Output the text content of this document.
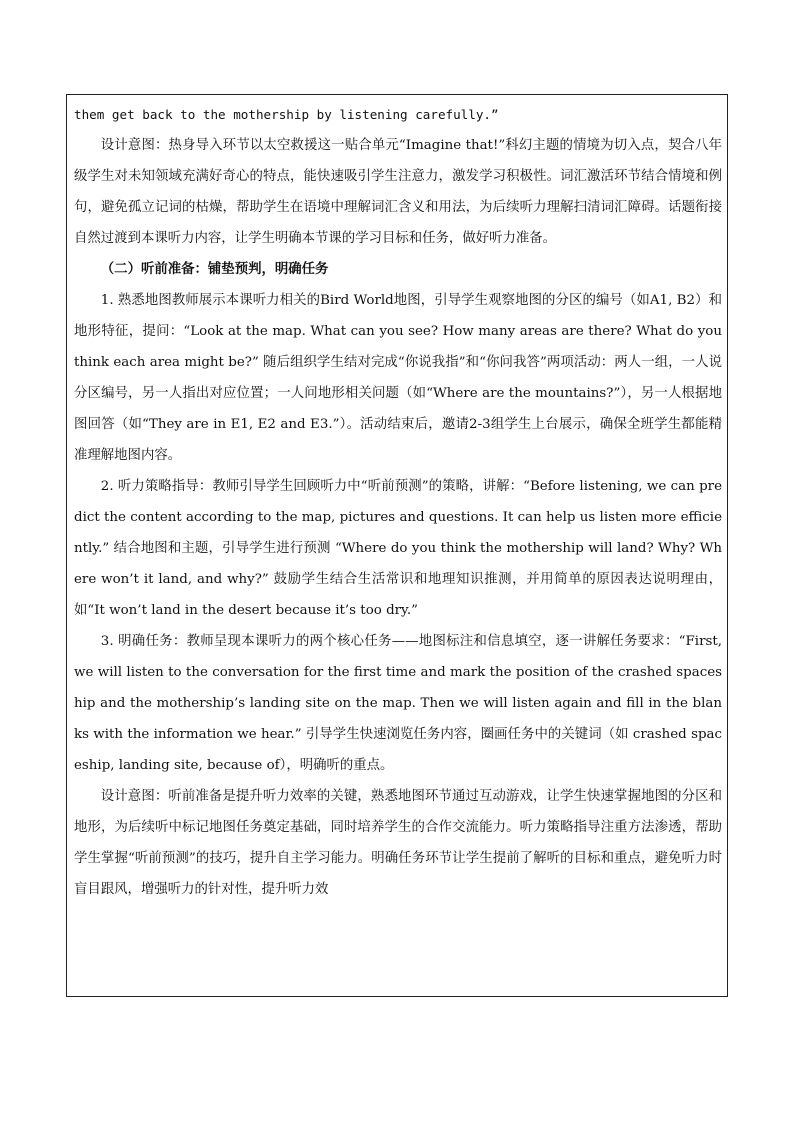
them get back to the mothership by listening carefully.”

设计意图：热身导入环节以太空救援这一贴合单元“Imagine that!”科幻主题的情境为切入点，契合八年级学生对未知领域充满好奇心的特点，能快速吸引学生注意力，激发学习积极性。词汇激活环节结合情境和例句，避免孤立记词的枯燥，帮助学生在语境中理解词汇含义和用法，为后续听力理解扫清词汇障碍。话题衔接自然过渡到本课听力内容，让学生明确本节课的学习目标和任务，做好听力准备。

（二）听前准备：铺垫预判，明确任务

1. 熟悉地图教师展示本课听力相关的Bird World地图，引导学生观察地图的分区的编号（如A1, B2）和地形特征，提问：“Look at the map. What can you see? How many areas are there? What do you think each area might be?” 随后组织学生结对完成“你说我指”和“你问我答”两项活动：两人一组，一人说分区编号，另一人指出对应位置；一人问地形相关问题（如“Where are the mountains?”），另一人根据地图回答（如“They are in E1, E2 and E3.”）。活动结束后，邀请2-3组学生上台展示，确保全班学生都能精准理解地图内容。

2. 听力策略指导：教师引导学生回顾听力中“听前预测”的策略，讲解：“Before listening, we can predict the content according to the map, pictures and questions. It can help us listen more efficiently.” 结合地图和主题，引导学生进行预测 “Where do you think the mothership will land? Why? Where won’t it land, and why?” 鼓励学生结合生活常识和地理知识推测，并用简单的原因表达说明理由，如“It won’t land in the desert because it’s too dry.”

3. 明确任务：教师呈现本课听力的两个核心任务——地图标注和信息填空，逐一讲解任务要求：“First, we will listen to the conversation for the first time and mark the position of the crashed spaceship and the mothership’s landing site on the map. Then we will listen again and fill in the blanks with the information we hear.” 引导学生快速浏览任务内容，圈画任务中的关键词（如 crashed spaceship, landing site, because of），明确听的重点。

设计意图：听前准备是提升听力效率的关键，熟悉地图环节通过互动游戏，让学生快速掌握地图的分区和地形，为后续听中标记地图任务奠定基础，同时培养学生的合作交流能力。听力策略指导注重方法渗透，帮助学生掌握“听前预测”的技巧，提升自主学习能力。明确任务环节让学生提前了解听的目标和重点，避免听力时盲目跟风，增强听力的针对性，提升听力效
